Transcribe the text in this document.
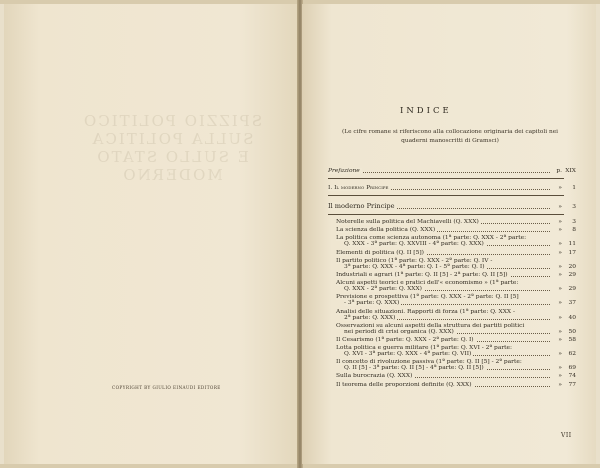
SPIZZIO POLITICO
SULLA POLITICA
E SULLO STATO MODERNO
COPYRIGHT BY GIULIO EINAUDI EDITORE
INDICE
(Le cifre romane si riferiscono alla collocazione originaria dei capitoli nei quaderni manoscritti di Gramsci)
Prefazione	p. XIX
I. Il moderno Principe	»	1
Il moderno Principe	»	3
Noterelle sulla politica del Machiavelli (Q. XXX)	»	3
La scienza della politica (Q. XXX)	»	8
La politica come scienza autonoma (1ª parte: Q. XXX - 2ª parte:
Q. XXX - 3ª parte: Q. XXVIII - 4ª parte: Q. XXX)	»	11
Elementi di politica (Q. II [5])	»	17
Il partito politico (1ª parte: Q. XXX - 2ª parte: Q. IV -
3ª parte: Q. XXX - 4ª parte: Q. I - 5ª parte: Q. I)	»	20
Industriali e agrari (1ª parte: Q. II [5] - 2ª parte: Q. II [5])	»	29
Alcuni aspetti teorici e pratici dell'« economismo » (1ª parte:
Q. XXX - 2ª parte: Q. XXX)	»	29
Previsione e prospettiva (1ª parte: Q. XXX - 2ª parte: Q. II [5]
- 3ª parte: Q. XXX)	»	37
Analisi delle situazioni. Rapporti di forza (1ª parte: Q. XXX -
2ª parte: Q. XXX)	»	40
Osservazioni su alcuni aspetti della struttura dei partiti politici
nei periodi di crisi organica (Q. XXX)	»	50
Il Cesarismo (1ª parte: Q. XXX - 2ª parte: Q. I)	»	58
Lotta politica e guerra militare (1ª parte: Q. XVI - 2ª parte:
Q. XVI - 3ª parte: Q. XXX - 4ª parte: Q. VII)	»	62
Il concetto di rivoluzione passiva (1ª parte: Q. II [5] - 2ª parte:
Q. II [5] - 3ª parte: Q. II [5] - 4ª parte: Q. II [5])	»	69
Sulla burocrazia (Q. XXX)	»	74
Il teorema delle proporzioni definite (Q. XXX)	»	77
VII
